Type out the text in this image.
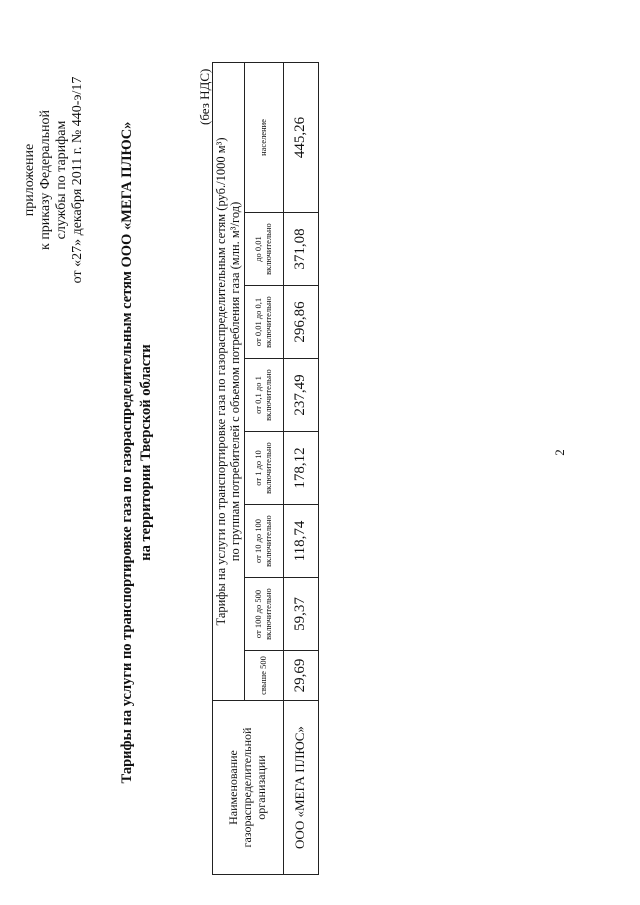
приложение к приказу Федеральной службы по тарифам от «27» декабря 2011 г. № 440-э/17 Тарифы на услуги по транспортировке газа по газораспределительным сетям ООО «МЕГА ПЛЮС» на территории Тверской области
(без НДС)
Наименование газораспределительной организации	Тарифы на услуги по транспортировке газа по газораспределительным сетям (руб./1000 м³) по группам потребителей с объемом потребления газа (млн. м³/год)							

	свыше 500	от 100 до 500 включительно	от 10 до 100 включительно	от 1 до 10 включительно	от 0,1 до 1 включительно	от 0,01 до 0,1 включительно	до 0,01 включительно	население
ООО «МЕГА ПЛЮС»	29,69	59,37	118,74	178,12	237,49	296,86	371,08	445,26
2
